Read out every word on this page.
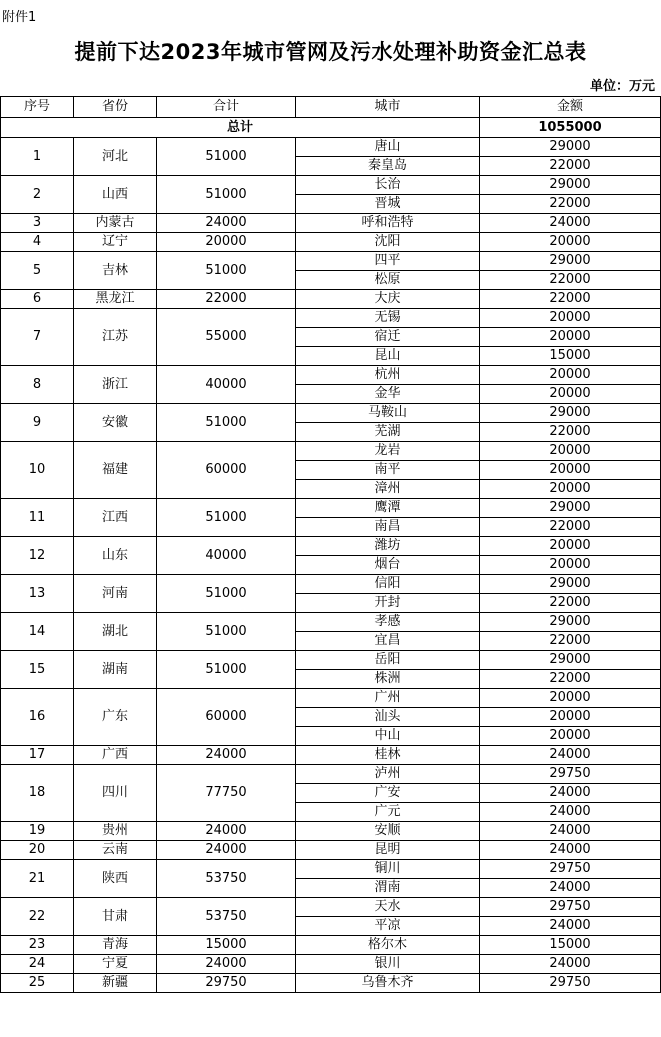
附件1
提前下达2023年城市管网及污水处理补助资金汇总表
单位：万元
序号	省份	合计	城市	金额
总计				1055000
1	河北	51000	唐山	29000
			秦皇岛	22000
2	山西	51000	长治	29000
			晋城	22000
3	内蒙古	24000	呼和浩特	24000
4	辽宁	20000	沈阳	20000
5	吉林	51000	四平	29000
			松原	22000
6	黑龙江	22000	大庆	22000
7	江苏	55000	无锡	20000
			宿迁	20000
			昆山	15000
8	浙江	40000	杭州	20000
			金华	20000
9	安徽	51000	马鞍山	29000
			芜湖	22000
10	福建	60000	龙岩	20000
			南平	20000
			漳州	20000
11	江西	51000	鹰潭	29000
			南昌	22000
12	山东	40000	潍坊	20000
			烟台	20000
13	河南	51000	信阳	29000
			开封	22000
14	湖北	51000	孝感	29000
			宜昌	22000
15	湖南	51000	岳阳	29000
			株洲	22000
16	广东	60000	广州	20000
			汕头	20000
			中山	20000
17	广西	24000	桂林	24000
18	四川	77750	泸州	29750
			广安	24000
			广元	24000
19	贵州	24000	安顺	24000
20	云南	24000	昆明	24000
21	陕西	53750	铜川	29750
			渭南	24000
22	甘肃	53750	天水	29750
			平凉	24000
23	青海	15000	格尔木	15000
24	宁夏	24000	银川	24000
25	新疆	29750	乌鲁木齐	29750
